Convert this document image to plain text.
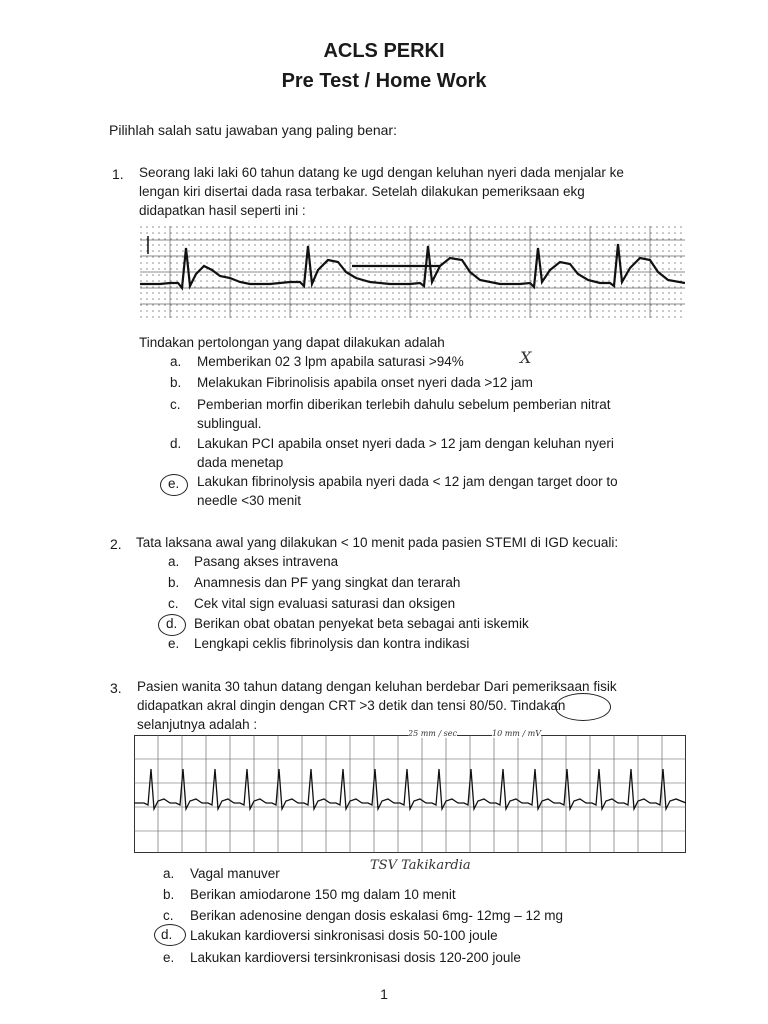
ACLS PERKI
Pre Test / Home Work
Pilihlah salah satu jawaban yang paling benar:
1. Seorang laki laki 60 tahun datang ke ugd dengan keluhan nyeri dada menjalar ke
lengan kiri disertai dada rasa terbakar. Setelah dilakukan pemeriksaan ekg
didapatkan hasil seperti ini :
Tindakan pertolongan yang dapat dilakukan adalah
a. Memberikan 02 3 lpm apabila saturasi >94%	X
b. Melakukan Fibrinolisis apabila onset nyeri dada >12 jam
c. Pemberian morfin diberikan terlebih dahulu sebelum pemberian nitrat
sublingual.
d. Lakukan PCI apabila onset nyeri dada > 12 jam dengan keluhan nyeri
dada menetap
e. Lakukan fibrinolysis apabila nyeri dada < 12 jam dengan target door to
needle <30 menit
2. Tata laksana awal yang dilakukan < 10 menit pada pasien STEMI di IGD kecuali:
a. Pasang akses intravena
b. Anamnesis dan PF yang singkat dan terarah
c. Cek vital sign evaluasi saturasi dan oksigen
d. Berikan obat obatan penyekat beta sebagai anti iskemik
e. Lengkapi ceklis fibrinolysis dan kontra indikasi
3. Pasien wanita 30 tahun datang dengan keluhan berdebar Dari pemeriksaan fisik
didapatkan akral dingin dengan CRT >3 detik dan tensi 80/50. Tindakan
selanjutnya adalah :
25 mm / sec	10 mm / mV
a. Vagal manuver
TSV Takikardia
b. Berikan amiodarone 150 mg dalam 10 menit
c. Berikan adenosine dengan dosis eskalasi 6mg- 12mg – 12 mg
d. Lakukan kardioversi sinkronisasi dosis 50-100 joule
e. Lakukan kardioversi tersinkronisasi dosis 120-200 joule
1
